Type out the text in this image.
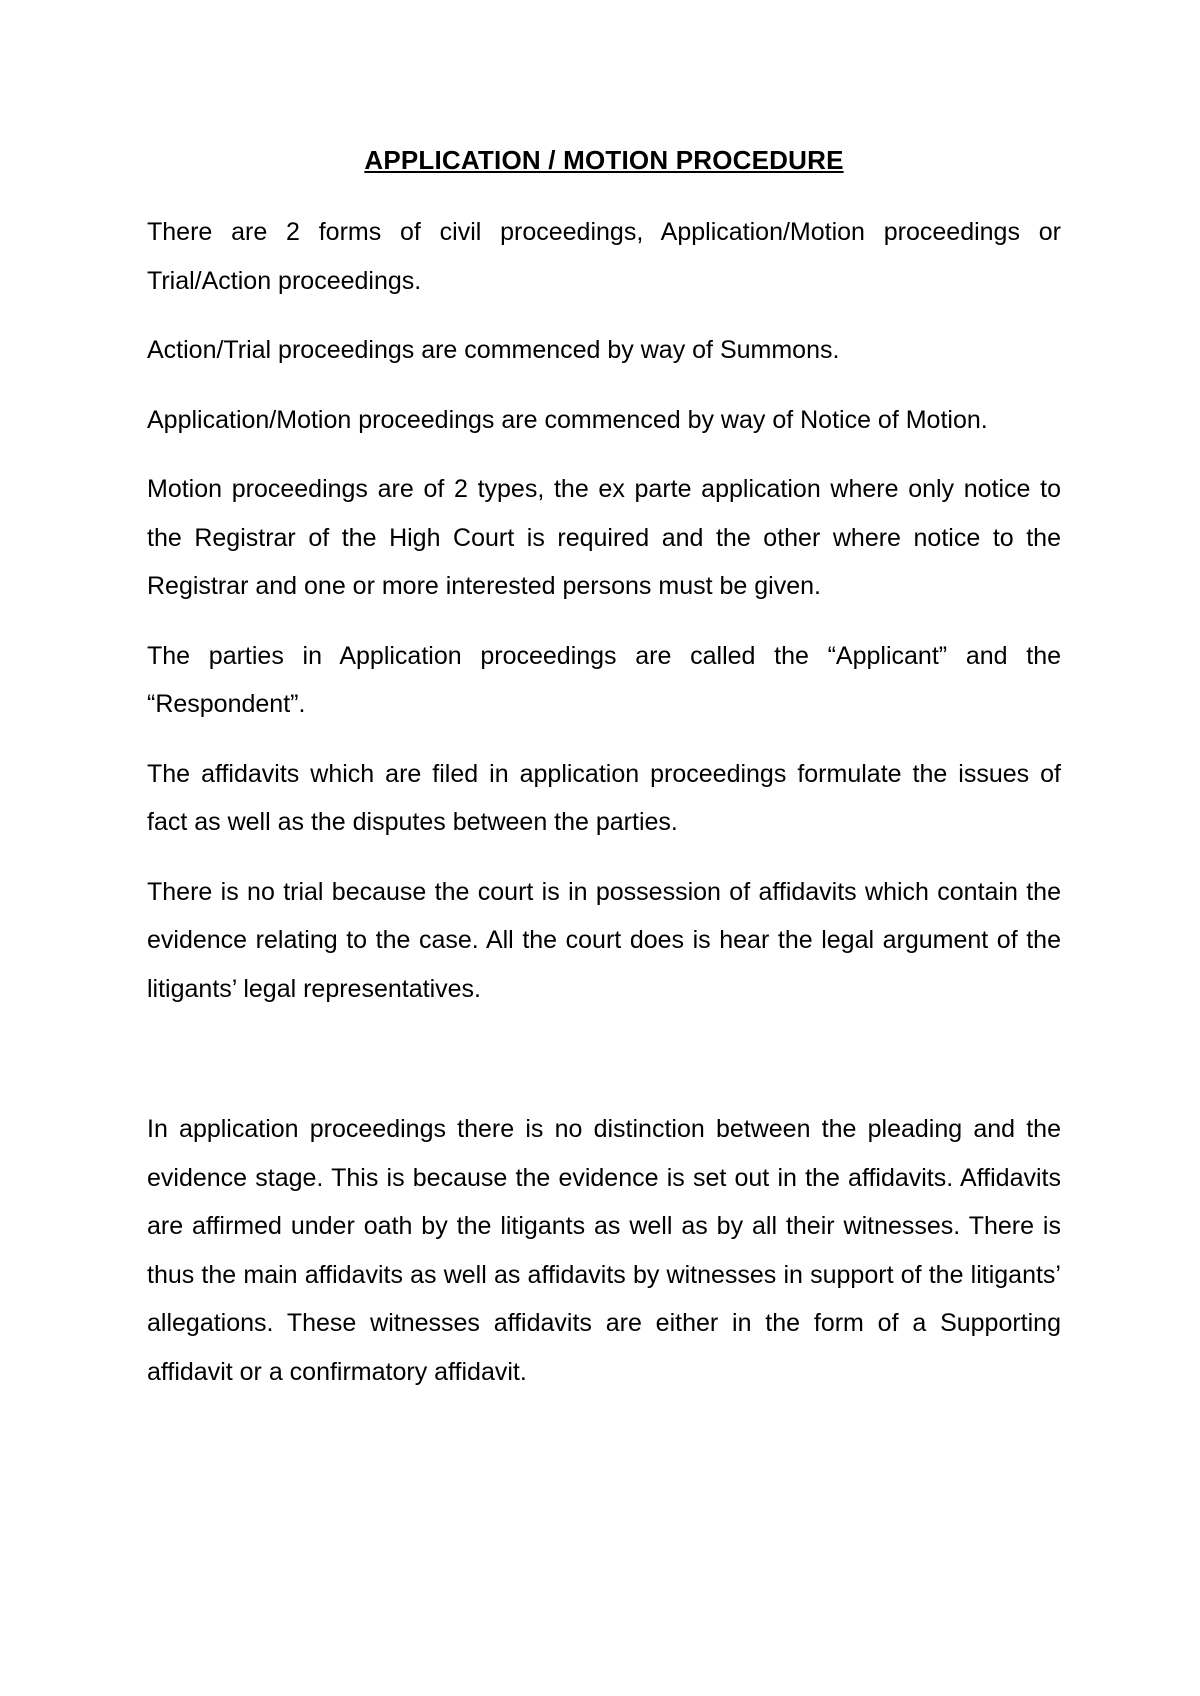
APPLICATION / MOTION PROCEDURE

There are 2 forms of civil proceedings, Application/Motion proceedings or Trial/Action proceedings.

Action/Trial proceedings are commenced by way of Summons.

Application/Motion proceedings are commenced by way of Notice of Motion.

Motion proceedings are of 2 types, the ex parte application where only notice to the Registrar of the High Court is required and the other where notice to the Registrar and one or more interested persons must be given.

The parties in Application proceedings are called the “Applicant” and the “Respondent”.

The affidavits which are filed in application proceedings formulate the issues of fact as well as the disputes between the parties.

There is no trial because the court is in possession of affidavits which contain the evidence relating to the case. All the court does is hear the legal argument of the litigants’ legal representatives.

In application proceedings there is no distinction between the pleading and the evidence stage. This is because the evidence is set out in the affidavits. Affidavits are affirmed under oath by the litigants as well as by all their witnesses. There is thus the main affidavits as well as affidavits by witnesses in support of the litigants’ allegations. These witnesses affidavits are either in the form of a Supporting affidavit or a confirmatory affidavit.
